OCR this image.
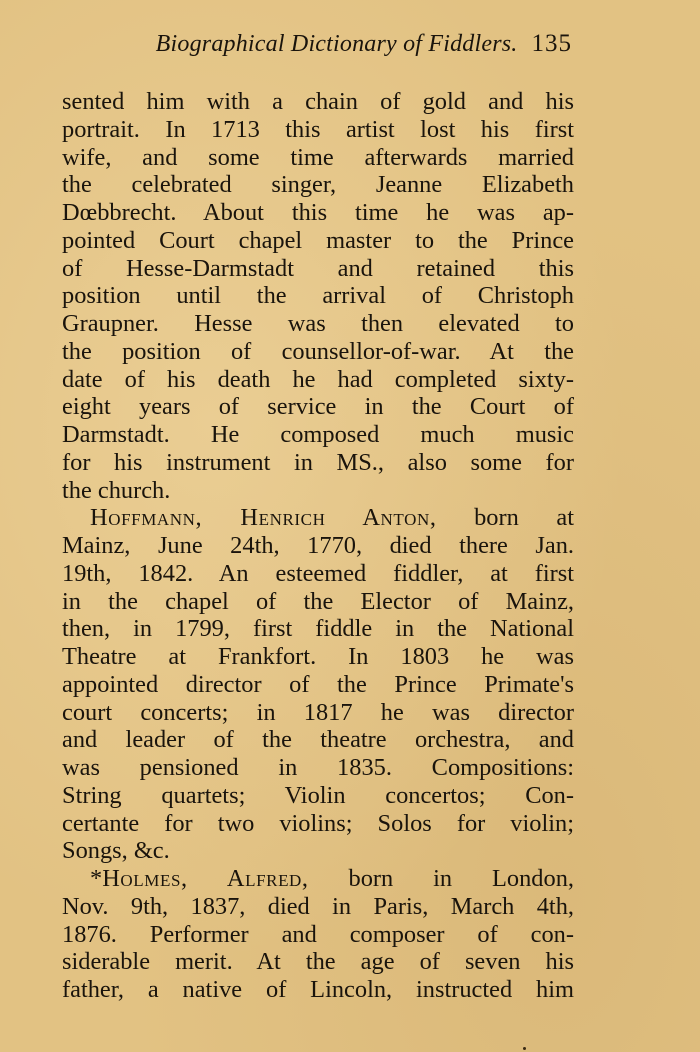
Biographical Dictionary of Fiddlers. 135
sented him with a chain of gold and his
portrait. In 1713 this artist lost his first
wife, and some time afterwards married
the celebrated singer, Jeanne Elizabeth
Dœbbrecht. About this time he was ap-
pointed Court chapel master to the Prince
of Hesse-Darmstadt and retained this
position until the arrival of Christoph
Graupner. Hesse was then elevated to
the position of counsellor-of-war. At the
date of his death he had completed sixty-
eight years of service in the Court of
Darmstadt. He composed much music
for his instrument in MS., also some for
the church.
Hoffmann, Henrich Anton, born at
Mainz, June 24th, 1770, died there Jan.
19th, 1842. An esteemed fiddler, at first
in the chapel of the Elector of Mainz,
then, in 1799, first fiddle in the National
Theatre at Frankfort. In 1803 he was
appointed director of the Prince Primate's
court concerts; in 1817 he was director
and leader of the theatre orchestra, and
was pensioned in 1835. Compositions:
String quartets; Violin concertos; Con-
certante for two violins; Solos for violin;
Songs, &c.
*Holmes, Alfred, born in London,
Nov. 9th, 1837, died in Paris, March 4th,
1876. Performer and composer of con-
siderable merit. At the age of seven his
father, a native of Lincoln, instructed him
